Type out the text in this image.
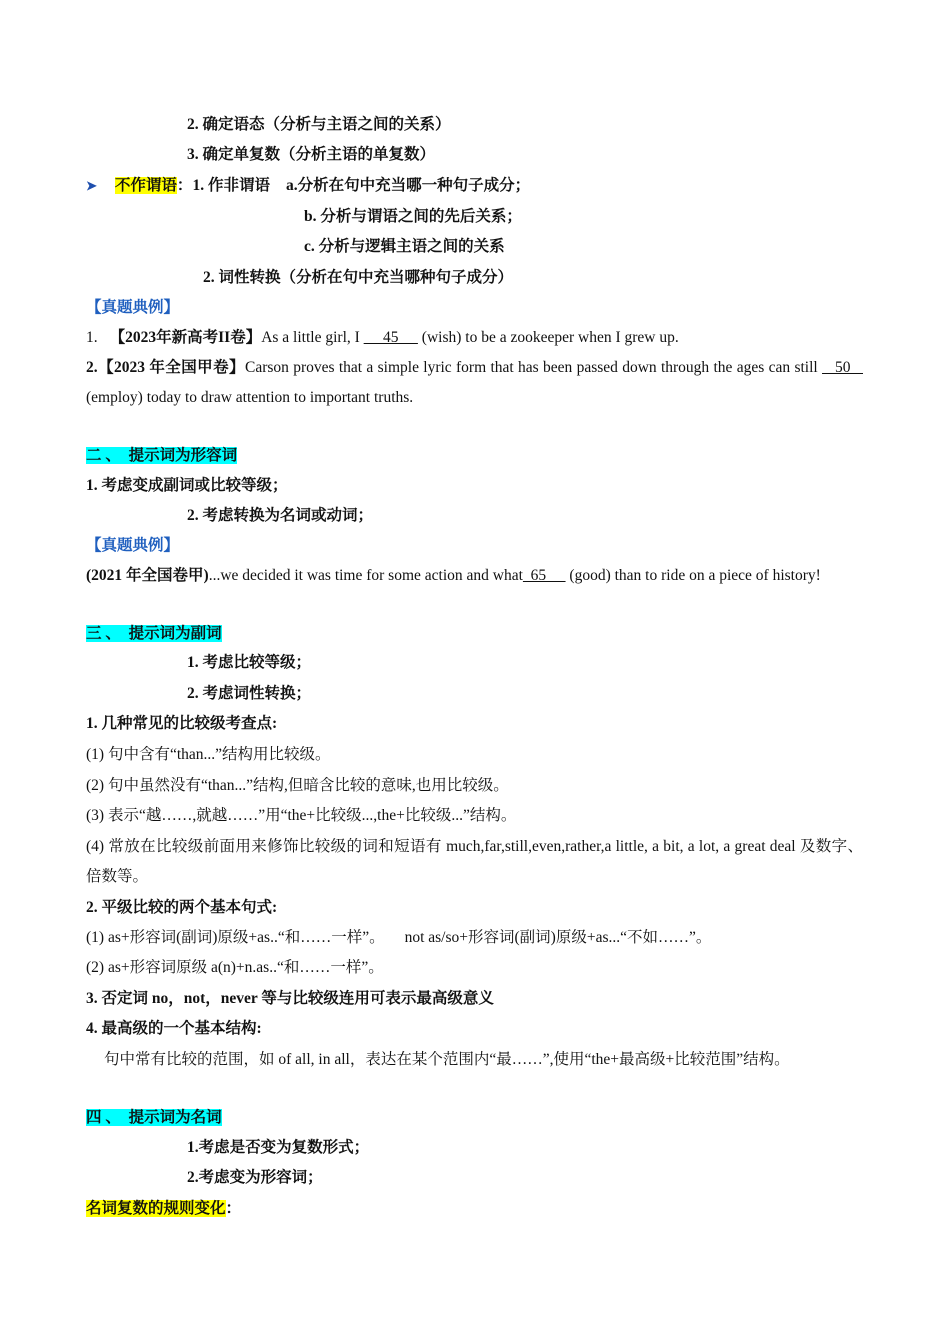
2. 确定语态（分析与主语之间的关系）
3. 确定单复数（分析主语的单复数）
➤ 不作谓语：1. 作非谓语 a.分析在句中充当哪一种句子成分；
b. 分析与谓语之间的先后关系；
c. 分析与逻辑主语之间的关系
2. 词性转换（分析在句中充当哪种句子成分）
【真题典例】
1. 【2023年新高考II卷】As a little girl, I      45      (wish) to be a zookeeper when I grew up.
2.【2023 年全国甲卷】Carson proves that a simple lyric form that has been passed down through the ages can still    50    (employ) today to draw attention to important truths.
二 、  提示词为形容词
1. 考虑变成副词或比较等级；
2. 考虑转换为名词或动词；
【真题典例】
(2021 年全国卷甲)...we decided it was time for some action and what  65      (good) than to ride on a piece of history!
三 、  提示词为副词
1. 考虑比较等级；
2. 考虑词性转换；
1. 几种常见的比较级考查点:
(1) 句中含有“than...”结构用比较级。
(2) 句中虽然没有“than...”结构,但暗含比较的意味,也用比较级。
(3) 表示“越……,就越……”用“the+比较级...,the+比较级...”结构。
(4) 常放在比较级前面用来修饰比较级的词和短语有 much,far,still,even,rather,a little, a bit, a lot, a great deal 及数字、倍数等。
2. 平级比较的两个基本句式:
(1) as+形容词(副词)原级+as..“和……一样”。 not as/so+形容词(副词)原级+as...“不如……”。
(2) as+形容词原级 a(n)+n.as..“和……一样”。
3. 否定词 no，not，never 等与比较级连用可表示最高级意义
4. 最高级的一个基本结构:
句中常有比较的范围，如 of all, in all，表达在某个范围内“最……”,使用“the+最高级+比较范围”结构。
四 、  提示词为名词
1.考虑是否变为复数形式；
2.考虑变为形容词；
名词复数的规则变化：
